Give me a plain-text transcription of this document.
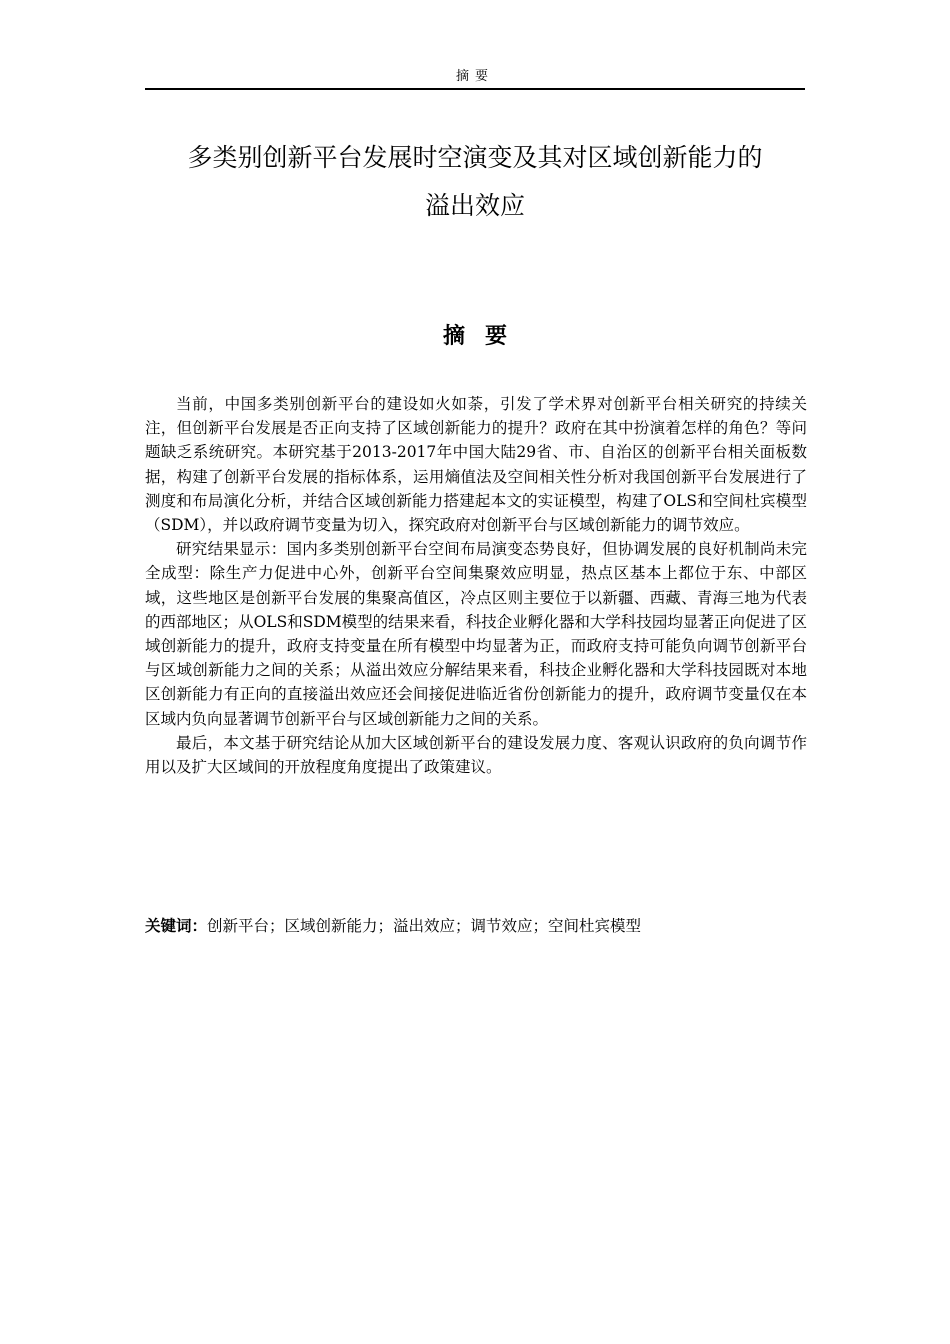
摘要
多类别创新平台发展时空演变及其对区域创新能力的
溢出效应
摘要

当前，中国多类别创新平台的建设如火如荼，引发了学术界对创新平台相关研究的持续关注，但创新平台发展是否正向支持了区域创新能力的提升？政府在其中扮演着怎样的角色？等问题缺乏系统研究。本研究基于2013-2017年中国大陆29省、市、自治区的创新平台相关面板数据，构建了创新平台发展的指标体系，运用熵值法及空间相关性分析对我国创新平台发展进行了测度和布局演化分析，并结合区域创新能力搭建起本文的实证模型，构建了OLS和空间杜宾模型（SDM），并以政府调节变量为切入，探究政府对创新平台与区域创新能力的调节效应。

研究结果显示：国内多类别创新平台空间布局演变态势良好，但协调发展的良好机制尚未完全成型：除生产力促进中心外，创新平台空间集聚效应明显，热点区基本上都位于东、中部区域，这些地区是创新平台发展的集聚高值区，冷点区则主要位于以新疆、西藏、青海三地为代表的西部地区；从OLS和SDM模型的结果来看，科技企业孵化器和大学科技园均显著正向促进了区域创新能力的提升，政府支持变量在所有模型中均显著为正，而政府支持可能负向调节创新平台与区域创新能力之间的关系；从溢出效应分解结果来看，科技企业孵化器和大学科技园既对本地区创新能力有正向的直接溢出效应还会间接促进临近省份创新能力的提升，政府调节变量仅在本区域内负向显著调节创新平台与区域创新能力之间的关系。

最后，本文基于研究结论从加大区域创新平台的建设发展力度、客观认识政府的负向调节作用以及扩大区域间的开放程度角度提出了政策建议。

关键词：创新平台；区域创新能力；溢出效应；调节效应；空间杜宾模型
